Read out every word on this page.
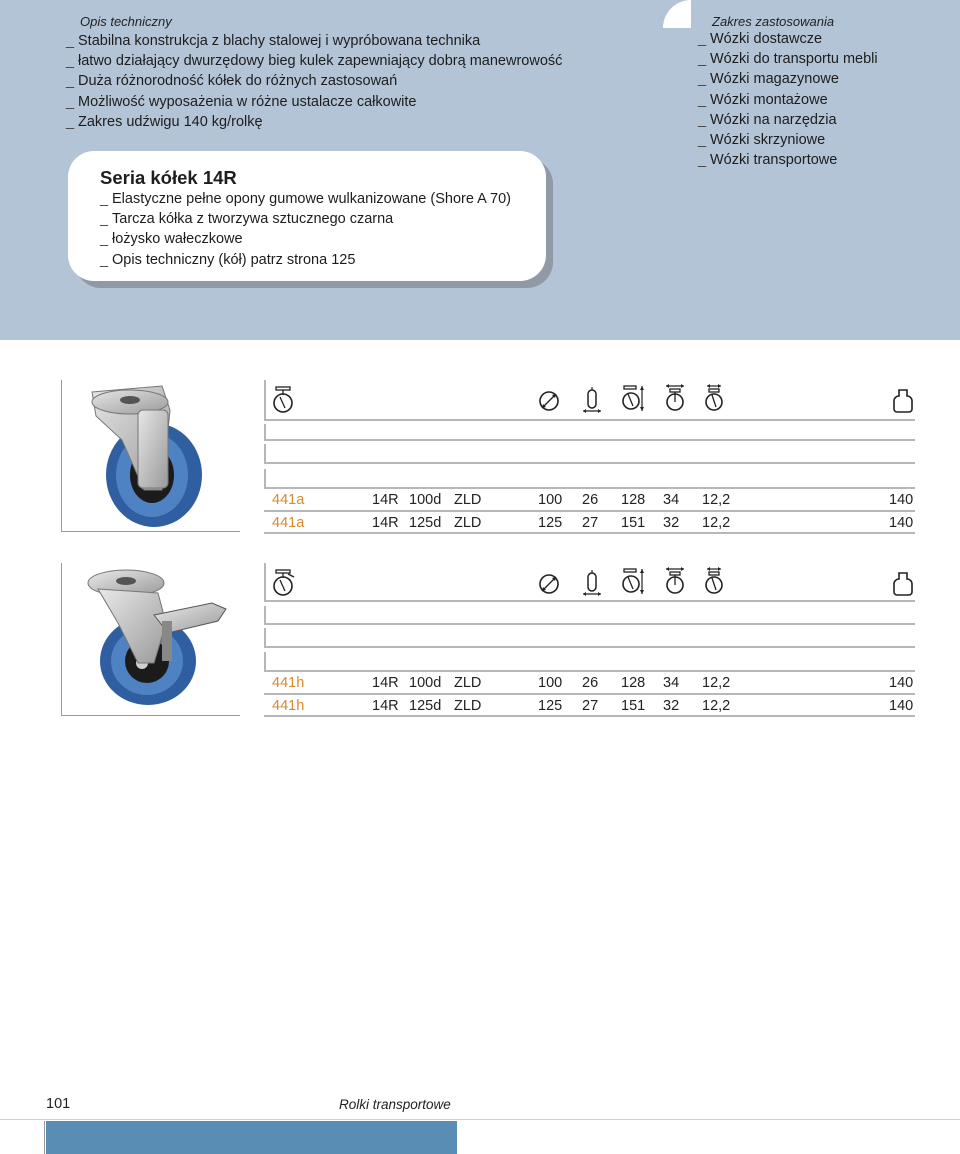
Opis techniczny
_ Stabilna konstrukcja z blachy stalowej i wypróbowana technika
_ łatwo działający dwurzędowy bieg kulek zapewniający dobrą manewrowość
_ Duża różnorodność kółek do różnych zastosowań
_ Możliwość wyposażenia w różne ustalacze całkowite
_ Zakres udźwigu 140 kg/rolkę
Zakres zastosowania
_ Wózki dostawcze
_ Wózki do transportu mebli
_ Wózki magazynowe
_ Wózki montażowe
_ Wózki na narzędzia
_ Wózki skrzyniowe
_ Wózki transportowe
Seria kółek 14R
_ Elastyczne pełne opony gumowe wulkanizowane (Shore A 70)
_ Tarcza kółka z tworzywa sztucznego czarna
_ łożysko wałeczkowe
_ Opis techniczny (kół) patrz strona 125
441a	14R 100d ZLD	100 26 128 34 12,2	140
441a	14R 125d ZLD	125 27 151 32 12,2	140
441h	14R 100d ZLD	100 26 128 34 12,2	140
441h	14R 125d ZLD	125 27 151 32 12,2	140
101	Rolki transportowe
